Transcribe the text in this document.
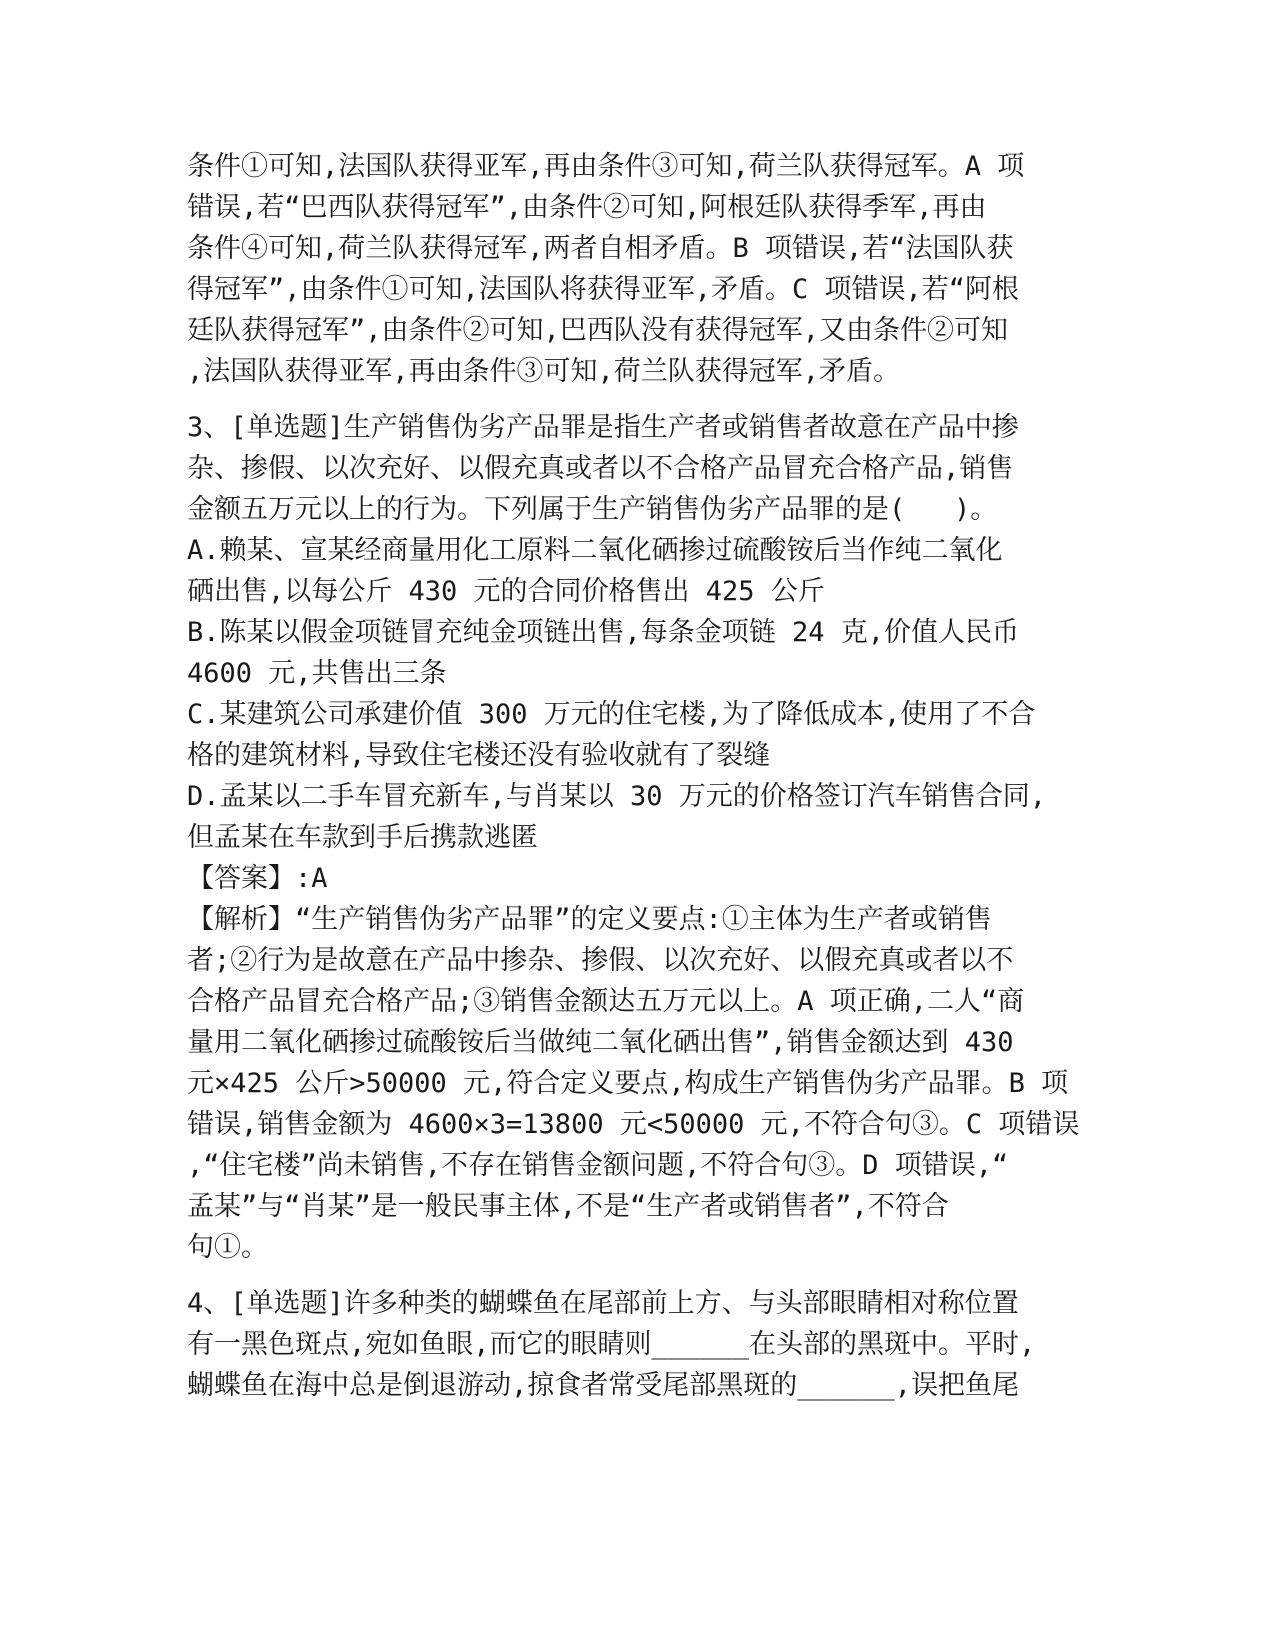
条件①可知,法国队获得亚军,再由条件③可知,荷兰队获得冠军。A 项
错误,若“巴西队获得冠军”,由条件②可知,阿根廷队获得季军,再由
条件④可知,荷兰队获得冠军,两者自相矛盾。B 项错误,若“法国队获
得冠军”,由条件①可知,法国队将获得亚军,矛盾。C 项错误,若“阿根
廷队获得冠军”,由条件②可知,巴西队没有获得冠军,又由条件②可知
,法国队获得亚军,再由条件③可知,荷兰队获得冠军,矛盾。
3、[单选题]生产销售伪劣产品罪是指生产者或销售者故意在产品中掺
杂、掺假、以次充好、以假充真或者以不合格产品冒充合格产品,销售
金额五万元以上的行为。下列属于生产销售伪劣产品罪的是(   )。
A.赖某、宣某经商量用化工原料二氧化硒掺过硫酸铵后当作纯二氧化
硒出售,以每公斤 430 元的合同价格售出 425 公斤
B.陈某以假金项链冒充纯金项链出售,每条金项链 24 克,价值人民币
4600 元,共售出三条
C.某建筑公司承建价值 300 万元的住宅楼,为了降低成本,使用了不合
格的建筑材料,导致住宅楼还没有验收就有了裂缝
D.孟某以二手车冒充新车,与肖某以 30 万元的价格签订汽车销售合同,
但孟某在车款到手后携款逃匿
【答案】:A
【解析】“生产销售伪劣产品罪”的定义要点:①主体为生产者或销售
者;②行为是故意在产品中掺杂、掺假、以次充好、以假充真或者以不
合格产品冒充合格产品;③销售金额达五万元以上。A 项正确,二人“商
量用二氧化硒掺过硫酸铵后当做纯二氧化硒出售”,销售金额达到 430
元×425 公斤>50000 元,符合定义要点,构成生产销售伪劣产品罪。B 项
错误,销售金额为 4600×3=13800 元<50000 元,不符合句③。C 项错误
,“住宅楼”尚未销售,不存在销售金额问题,不符合句③。D 项错误,“
孟某”与“肖某”是一般民事主体,不是“生产者或销售者”,不符合
句①。
4、[单选题]许多种类的蝴蝶鱼在尾部前上方、与头部眼睛相对称位置
有一黑色斑点,宛如鱼眼,而它的眼睛则______在头部的黑斑中。平时,
蝴蝶鱼在海中总是倒退游动,掠食者常受尾部黑斑的______,误把鱼尾
